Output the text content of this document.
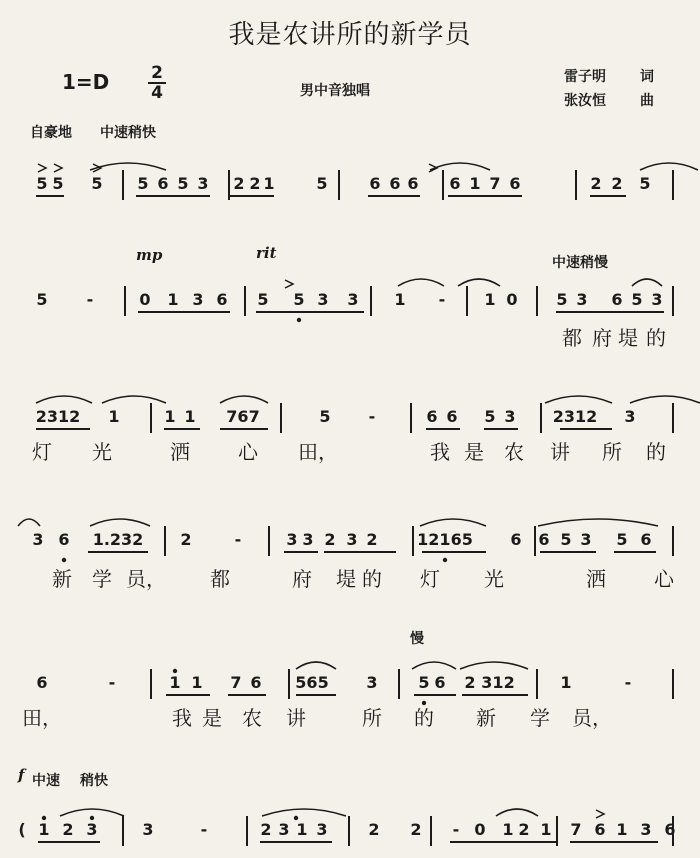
我是农讲所的新学员
1=D 2
4	男中音独唱
雷子明 词
张汝恒 曲
自豪地 中速稍快
mp	rit
中速稍慢
慢
f 中速 稍快
5 5 5 5 6 5 3 2 2 1	5	6 6 6 6 1 7 6	2 2 5
5 -	0 1 3 6 5 5 3 3 1 - 1 0 5 3 6 5 3
都 府 堤 的
2312 1	1 1 767	5 -	6 6 5 3 2312 3
灯 光	洒 心 田，	我 是 农 讲 所 的
3 6 1.232 2	-	3 3 2 3 2 12165 6 6 5 3 5 6
新 学 员， 都	府 堤 的 灯 光	洒 心
6	-	1 1 7 6 565 3	5 6 2 312	1	-
田，	我 是 农 讲	所 的 新 学 员，
( 1 2 3	3	-	2 3 1 3	2 2 - 0 1 2 1 7 6 1 3 6
